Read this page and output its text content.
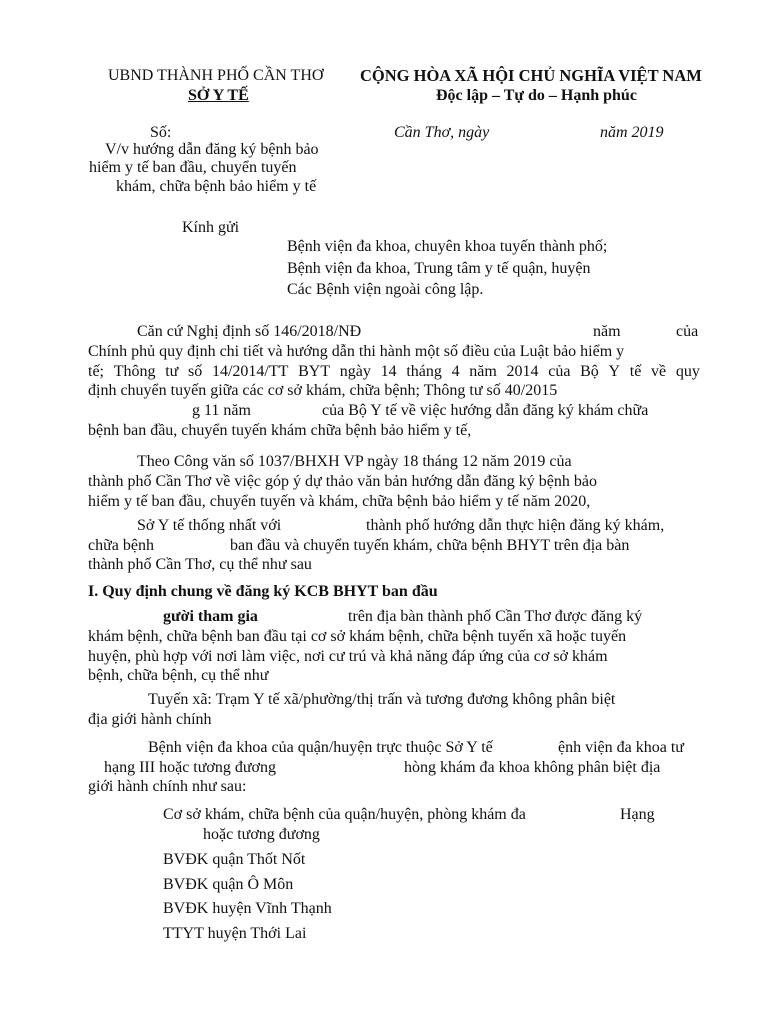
UBND THÀNH PHỐ CẦN THƠ
SỞ Y TẾ
CỘNG HÒA XÃ HỘI CHỦ NGHĨA VIỆT NAM
Độc lập – Tự do – Hạnh phúc
Số:	Cần Thơ, ngày	năm 2019
V/v hướng dẫn đăng ký bệnh bảo
hiểm y tế ban đầu, chuyển tuyến
khám, chữa bệnh bảo hiểm y tế
Kính gửi
Bệnh viện đa khoa, chuyên khoa tuyến thành phố;
Bệnh viện đa khoa, Trung tâm y tế quận, huyện
Các Bệnh viện ngoài công lập.
Căn cứ Nghị định số 146/2018/NĐ	năm	của
Chính phủ quy định chi tiết và hướng dẫn thi hành một số điều của Luật bảo hiểm y
tế; Thông tư số 14/2014/TT BYT ngày 14 tháng 4 năm 2014 của Bộ Y tế về quy
định chuyển tuyến giữa các cơ sở khám, chữa bệnh; Thông tư số 40/2015
g 11 năm	của Bộ Y tế về việc hướng dẫn đăng ký khám chữa
bệnh ban đầu, chuyển tuyến khám chữa bệnh bảo hiểm y tế,
Theo Công văn số 1037/BHXH VP ngày 18 tháng 12 năm 2019 của
thành phố Cần Thơ về việc góp ý dự thảo văn bản hướng dẫn đăng ký bệnh bảo
hiểm y tế ban đầu, chuyển tuyến và khám, chữa bệnh bảo hiểm y tế năm 2020,
Sở Y tế thống nhất với	thành phố hướng dẫn thực hiện đăng ký khám,
chữa bệnh	ban đầu và chuyển tuyến khám, chữa bệnh BHYT trên địa bàn
thành phố Cần Thơ, cụ thể như sau
I. Quy định chung về đăng ký KCB BHYT ban đầu
gười tham gia	trên địa bàn thành phố Cần Thơ được đăng ký
khám bệnh, chữa bệnh ban đầu tại cơ sở khám bệnh, chữa bệnh tuyến xã hoặc tuyến
huyện, phù hợp với nơi làm việc, nơi cư trú và khả năng đáp ứng của cơ sở khám
bệnh, chữa bệnh, cụ thể như
Tuyến xã: Trạm Y tế xã/phường/thị trấn và tương đương không phân biệt
địa giới hành chính
Bệnh viện đa khoa của quận/huyện trực thuộc Sở Y tế	ệnh viện đa khoa tư
hạng III hoặc tương đương	hòng khám đa khoa không phân biệt địa
giới hành chính như sau:
Cơ sở khám, chữa bệnh của quận/huyện, phòng khám đa	Hạng
hoặc tương đương
BVĐK quận Thốt Nốt
BVĐK quận Ô Môn
BVĐK huyện Vĩnh Thạnh
TTYT huyện Thới Lai
